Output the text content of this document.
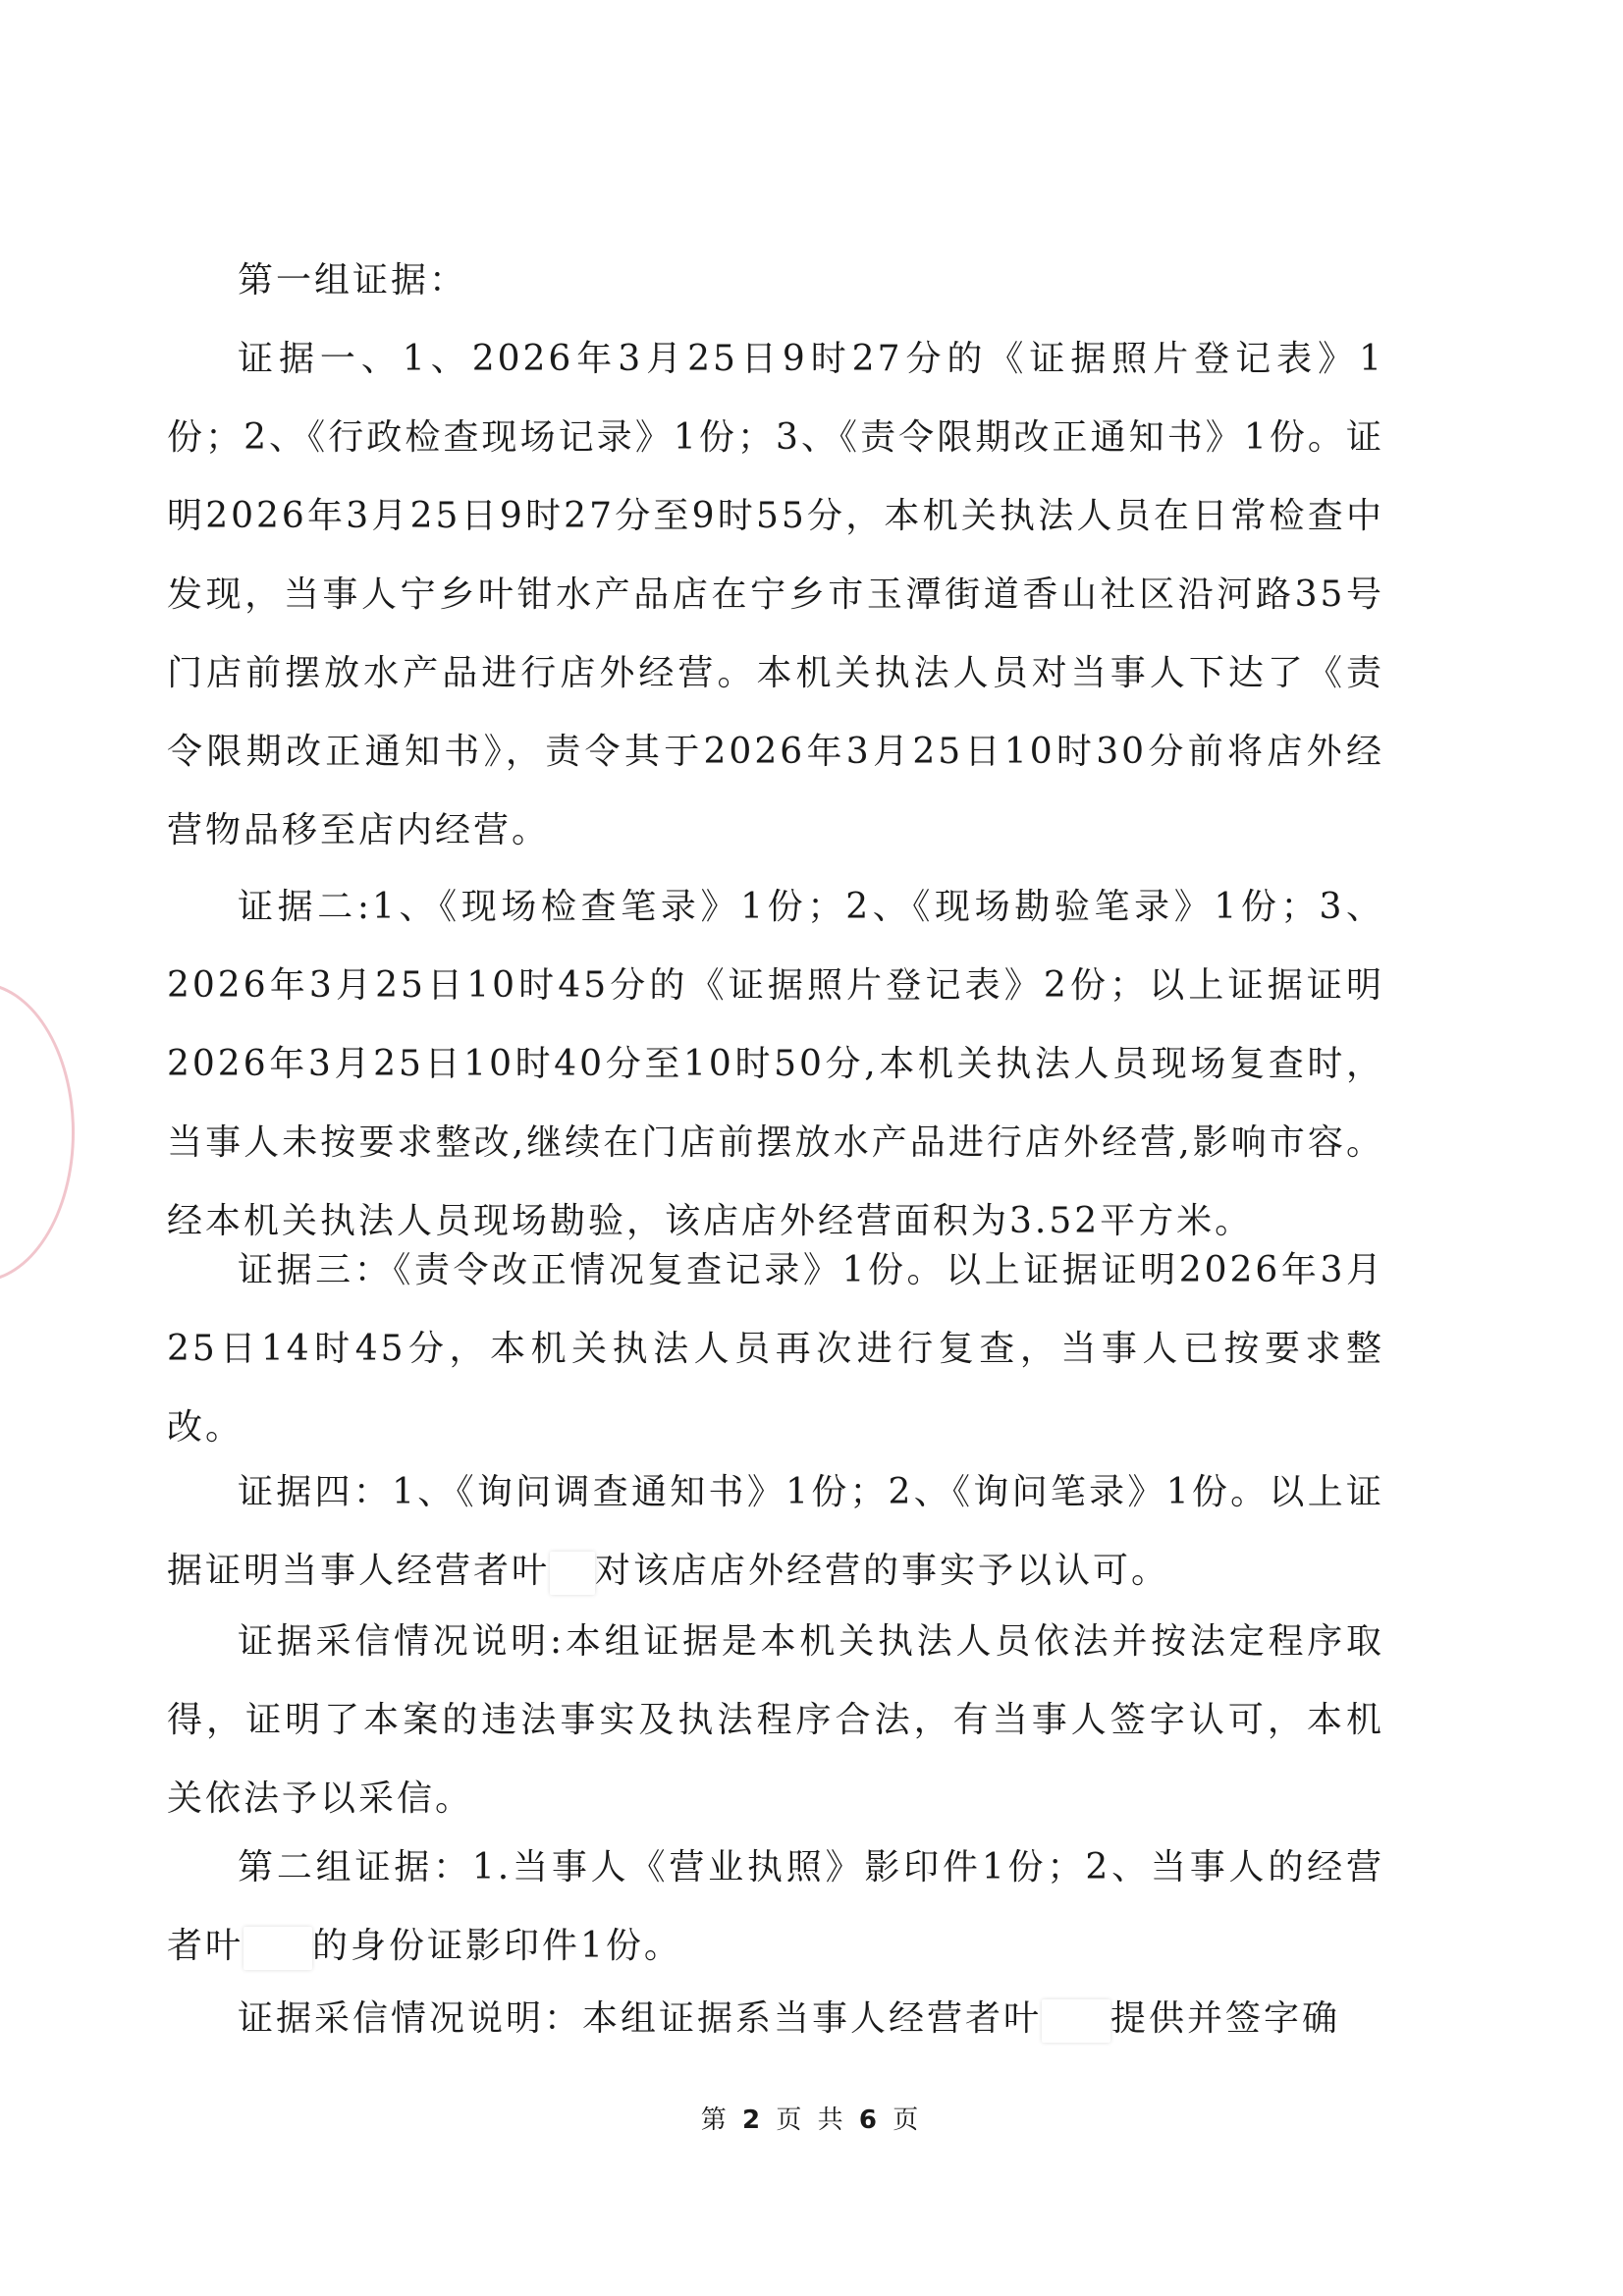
第一组证据：

证据一、1、2026年3月25日9时27分的《证据照片登记表》1份；2、《行政检查现场记录》1份；3、《责令限期改正通知书》1份。证明2026年3月25日9时27分至9时55分，本机关执法人员在日常检查中发现，当事人宁乡叶钳水产品店在宁乡市玉潭街道香山社区沿河路35号门店前摆放水产品进行店外经营。本机关执法人员对当事人下达了《责令限期改正通知书》，责令其于2026年3月25日10时30分前将店外经营物品移至店内经营。

证据二:1、《现场检查笔录》1份；2、《现场勘验笔录》1份；3、2026年3月25日10时45分的《证据照片登记表》2份；以上证据证明2026年3月25日10时40分至10时50分,本机关执法人员现场复查时，当事人未按要求整改,继续在门店前摆放水产品进行店外经营,影响市容。经本机关执法人员现场勘验，该店店外经营面积为3.52平方米。

证据三：《责令改正情况复查记录》1份。以上证据证明2026年3月25日14时45分，本机关执法人员再次进行复查，当事人已按要求整改。

证据四：1、《询问调查通知书》1份；2、《询问笔录》1份。以上证据证明当事人经营者叶 对该店店外经营的事实予以认可。

证据采信情况说明:本组证据是本机关执法人员依法并按法定程序取得，证明了本案的违法事实及执法程序合法，有当事人签字认可，本机关依法予以采信。

第二组证据：1.当事人《营业执照》影印件1份；2、当事人的经营者叶 的身份证影印件1份。

证据采信情况说明：本组证据系当事人经营者叶 提供并签字确

第 2 页 共 6 页
